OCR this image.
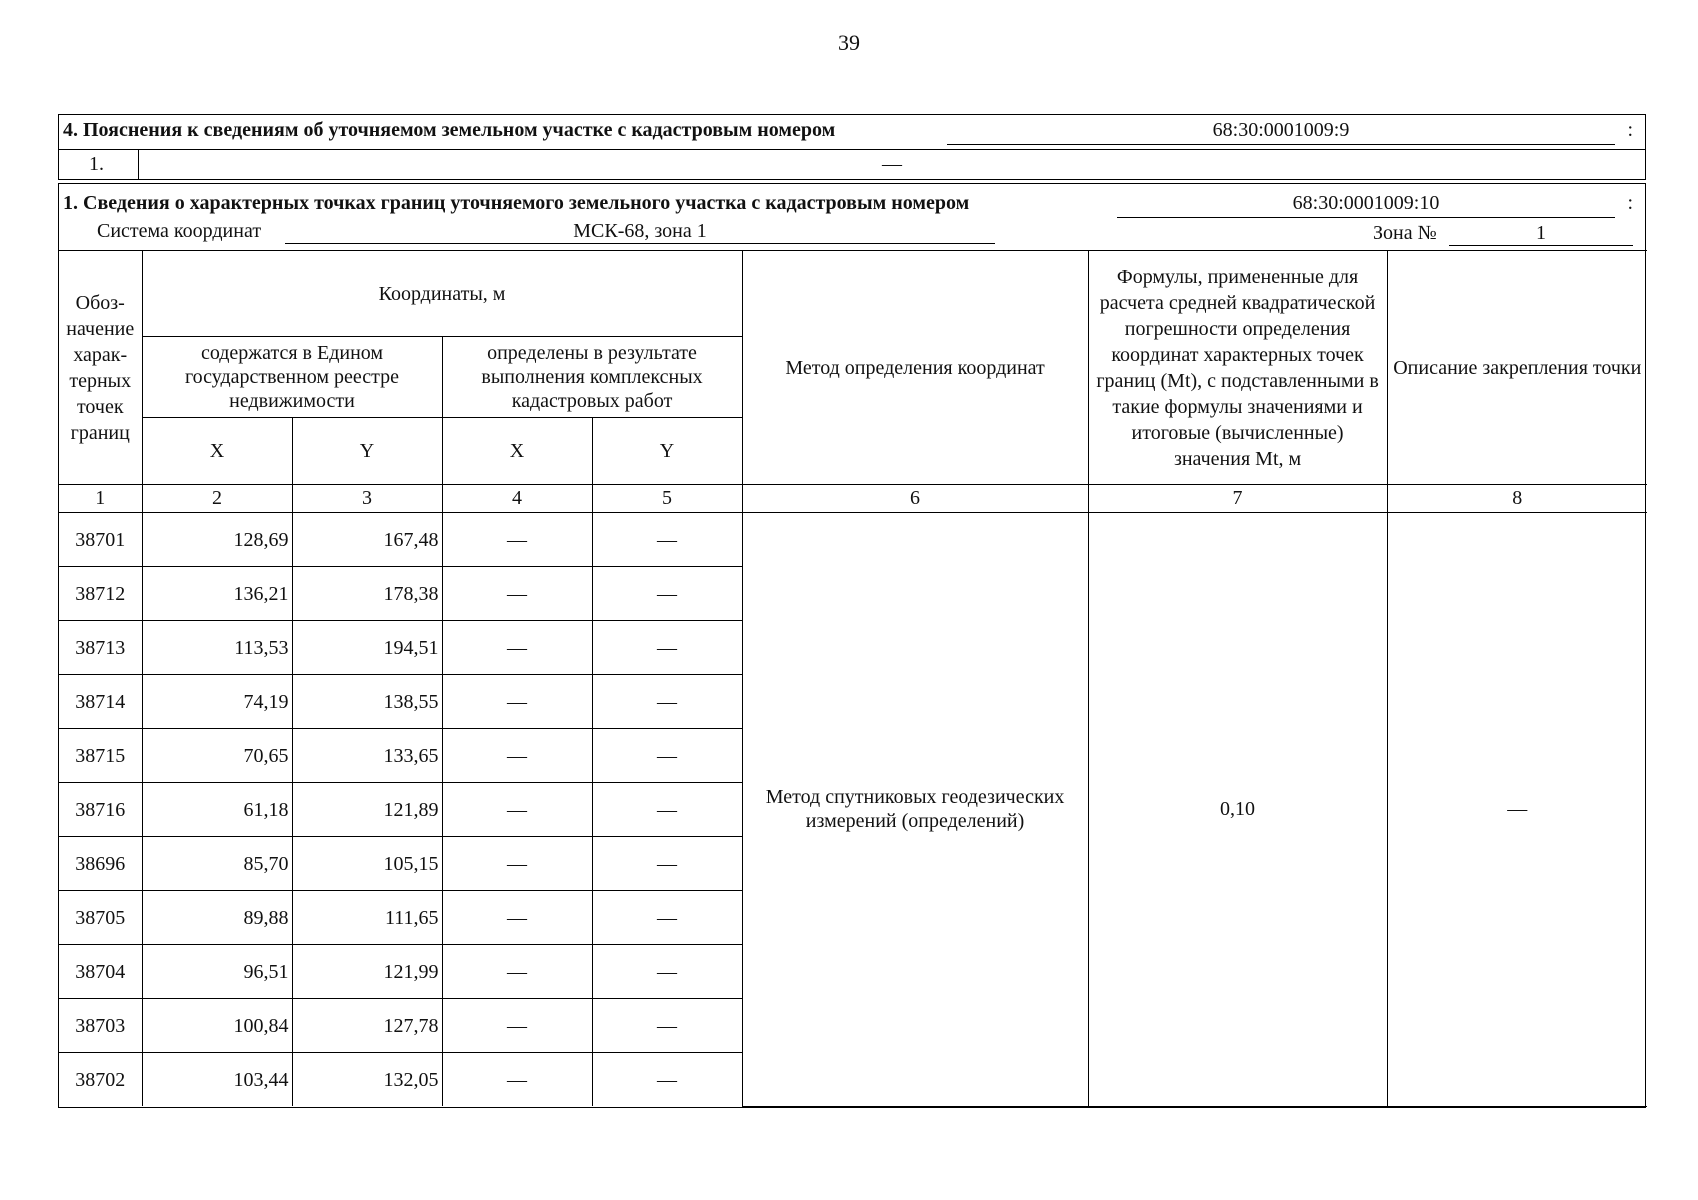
39
4. Пояснения к сведениям об уточняемом земельном участке с кадастровым номером	68:30:0001009:9	:
1.	—
1. Сведения о характерных точках границ уточняемого земельного участка с кадастровым номером	68:30:0001009:10	:
Система координат	МСК-68, зона 1	Зона №	1
Обоз-начение харак-терных точек границ	Координаты, м				Метод определения координат	Формулы, примененные для расчета средней квадратической погрешности определения координат характерных точек границ (Mt), с подставленными в такие формулы значениями и итоговые (вычисленные) значения Mt, м	Описание закрепления точки
	содержатся в Едином государственном реестре недвижимости		определены в результате выполнения комплексных кадастровых работ				
	X	Y	X	Y			
1	2	3	4	5	6	7	8
38701	128,69	167,48	—	—	Метод спутниковых геодезических измерений (определений)	0,10	—
38712	136,21	178,38	—	—			
38713	113,53	194,51	—	—			
38714	74,19	138,55	—	—			
38715	70,65	133,65	—	—			
38716	61,18	121,89	—	—			
38696	85,70	105,15	—	—			
38705	89,88	111,65	—	—			
38704	96,51	121,99	—	—			
38703	100,84	127,78	—	—			
38702	103,44	132,05	—	—			
